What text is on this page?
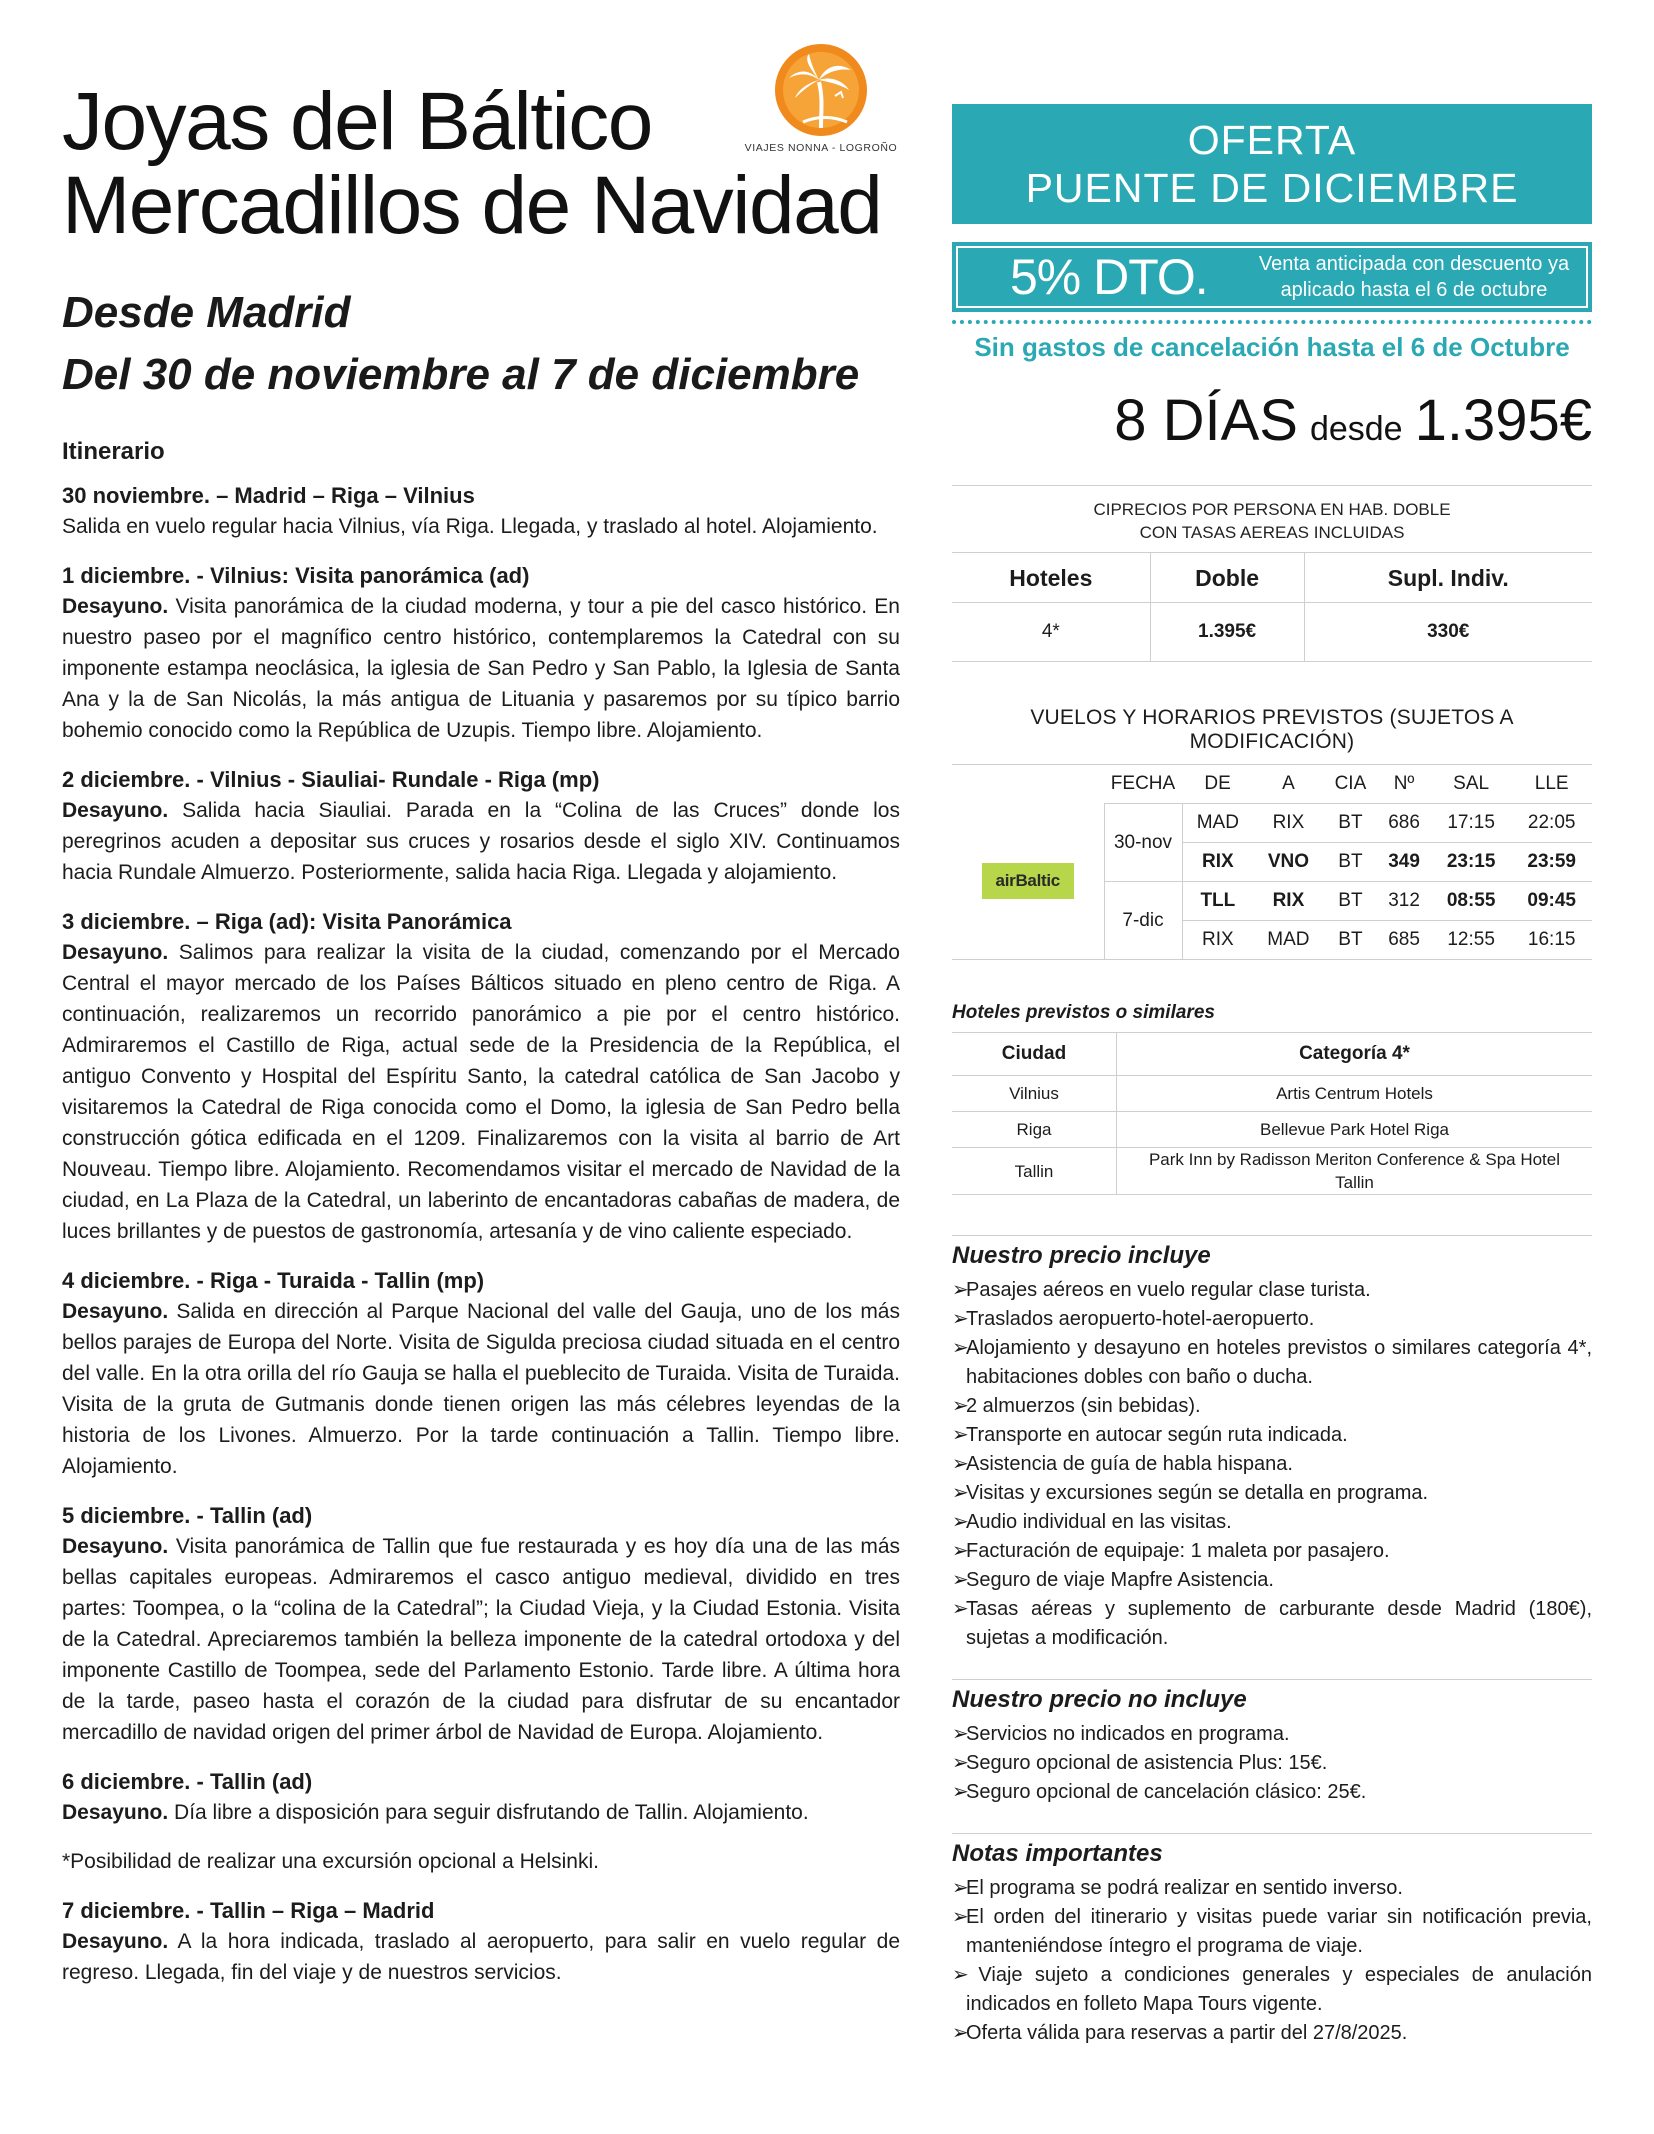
Joyas del Báltico
Mercadillos de Navidad
Desde Madrid
Del 30 de noviembre al 7 de diciembre
Itinerario
30 noviembre. – Madrid – Riga – Vilnius
Salida en vuelo regular hacia Vilnius, vía Riga. Llegada, y traslado al hotel. Alojamiento.
1 diciembre. - Vilnius: Visita panorámica (ad)
Desayuno. Visita panorámica de la ciudad moderna, y tour a pie del casco histórico. En nuestro paseo por el magnífico centro histórico, contemplaremos la Catedral con su imponente estampa neoclásica, la iglesia de San Pedro y San Pablo, la Iglesia de Santa Ana y la de San Nicolás, la más antigua de Lituania y pasaremos por su típico barrio bohemio conocido como la República de Uzupis. Tiempo libre. Alojamiento.
2 diciembre. - Vilnius - Siauliai- Rundale - Riga (mp)
Desayuno. Salida hacia Siauliai. Parada en la “Colina de las Cruces” donde los peregrinos acuden a depositar sus cruces y rosarios desde el siglo XIV. Continuamos hacia Rundale Almuerzo. Posteriormente, salida hacia Riga. Llegada y alojamiento.
3 diciembre. – Riga (ad): Visita Panorámica
Desayuno. Salimos para realizar la visita de la ciudad, comenzando por el Mercado Central el mayor mercado de los Países Bálticos situado en pleno centro de Riga. A continuación, realizaremos un recorrido panorámico a pie por el centro histórico. Admiraremos el Castillo de Riga, actual sede de la Presidencia de la República, el antiguo Convento y Hospital del Espíritu Santo, la catedral católica de San Jacobo y visitaremos la Catedral de Riga conocida como el Domo, la iglesia de San Pedro bella construcción gótica edificada en el 1209. Finalizaremos con la visita al barrio de Art Nouveau. Tiempo libre. Alojamiento. Recomendamos visitar el mercado de Navidad de la ciudad, en La Plaza de la Catedral, un laberinto de encantadoras cabañas de madera, de luces brillantes y de puestos de gastronomía, artesanía y de vino caliente especiado.
4 diciembre. - Riga - Turaida - Tallin (mp)
Desayuno. Salida en dirección al Parque Nacional del valle del Gauja, uno de los más bellos parajes de Europa del Norte. Visita de Sigulda preciosa ciudad situada en el centro del valle. En la otra orilla del río Gauja se halla el pueblecito de Turaida. Visita de Turaida. Visita de la gruta de Gutmanis donde tienen origen las más célebres leyendas de la historia de los Livones. Almuerzo. Por la tarde continuación a Tallin. Tiempo libre. Alojamiento.
5 diciembre. - Tallin (ad)
Desayuno. Visita panorámica de Tallin que fue restaurada y es hoy día una de las más bellas capitales europeas. Admiraremos el casco antiguo medieval, dividido en tres partes: Toompea, o la “colina de la Catedral”; la Ciudad Vieja, y la Ciudad Estonia. Visita de la Catedral. Apreciaremos también la belleza imponente de la catedral ortodoxa y del imponente Castillo de Toompea, sede del Parlamento Estonio. Tarde libre. A última hora de la tarde, paseo hasta el corazón de la ciudad para disfrutar de su encantador mercadillo de navidad origen del primer árbol de Navidad de Europa. Alojamiento.
6 diciembre. - Tallin (ad)
Desayuno. Día libre a disposición para seguir disfrutando de Tallin. Alojamiento.
*Posibilidad de realizar una excursión opcional a Helsinki.
7 diciembre. - Tallin – Riga – Madrid
Desayuno. A la hora indicada, traslado al aeropuerto, para salir en vuelo regular de regreso. Llegada, fin del viaje y de nuestros servicios.
VIAJES NONNA - LOGROÑO	OFERTA
PUENTE DE DICIEMBRE
5% DTO.	Venta anticipada con descuento ya aplicado hasta el 6 de octubre
Sin gastos de cancelación hasta el 6 de Octubre
8 DÍAS desde 1.395€
CIPRECIOS POR PERSONA EN HAB. DOBLE
CON TASAS AEREAS INCLUIDAS
Hoteles	Doble	Supl. Indiv.
4*	1.395€	330€
VUELOS Y HORARIOS PREVISTOS (SUJETOS A MODIFICACIÓN)
	FECHA	DE	A	CIA	Nº	SAL	LLE
airBaltic	30-nov	MAD	RIX	BT	686	17:15	22:05
		RIX	VNO	BT	349	23:15	23:59
	7-dic	TLL	RIX	BT	312	08:55	09:45
		RIX	MAD	BT	685	12:55	16:15
Hoteles previstos o similares
Ciudad	Categoría 4*
Vilnius	Artis Centrum Hotels
Riga	Bellevue Park Hotel Riga
Tallin	Park Inn by Radisson Meriton Conference & Spa Hotel Tallin
Nuestro precio incluye
➢Pasajes aéreos en vuelo regular clase turista.
➢Traslados aeropuerto-hotel-aeropuerto.
➢Alojamiento y desayuno en hoteles previstos o similares categoría 4*, habitaciones dobles con baño o ducha.
➢2 almuerzos (sin bebidas).
➢Transporte en autocar según ruta indicada.
➢Asistencia de guía de habla hispana.
➢Visitas y excursiones según se detalla en programa.
➢Audio individual en las visitas.
➢Facturación de equipaje: 1 maleta por pasajero.
➢Seguro de viaje Mapfre Asistencia.
➢Tasas aéreas y suplemento de carburante desde Madrid (180€), sujetas a modificación.
Nuestro precio no incluye
➢Servicios no indicados en programa.
➢Seguro opcional de asistencia Plus: 15€.
➢Seguro opcional de cancelación clásico: 25€.
Notas importantes
➢El programa se podrá realizar en sentido inverso.
➢El orden del itinerario y visitas puede variar sin notificación previa, manteniéndose íntegro el programa de viaje.
➢ Viaje sujeto a condiciones generales y especiales de anulación indicados en folleto Mapa Tours vigente.
➢Oferta válida para reservas a partir del 27/8/2025.
